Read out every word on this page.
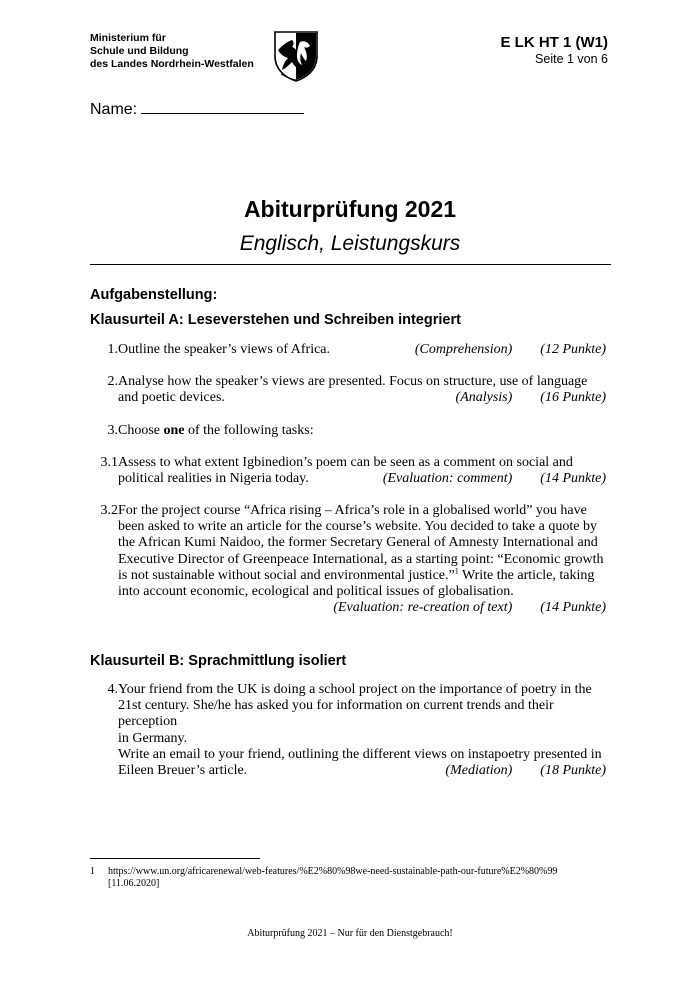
Ministerium für
Schule und Bildung
des Landes Nordrhein-Westfalen
E LK HT 1 (W1)
Seite 1 von 6
Name:
Abiturprüfung 2021
Englisch, Leistungskurs
Aufgabenstellung:
Klausurteil A: Leseverstehen und Schreiben integriert
1. Outline the speaker’s views of Africa.	(Comprehension) (12 Punkte)
2. Analyse how the speaker’s views are presented. Focus on structure, use of language
and poetic devices.	(Analysis) (16 Punkte)
3. Choose one of the following tasks:
3.1 Assess to what extent Igbinedion’s poem can be seen as a comment on social and
political realities in Nigeria today.	(Evaluation: comment) (14 Punkte)
3.2 For the project course “Africa rising – Africa’s role in a globalised world” you have
been asked to write an article for the course’s website. You decided to take a quote by
the African Kumi Naidoo, the former Secretary General of Amnesty International and
Executive Director of Greenpeace International, as a starting point: “Economic growth
is not sustainable without social and environmental justice.”$^1$ Write the article, taking
into account economic, ecological and political issues of globalisation.
(Evaluation: re-creation of text) (14 Punkte)
Klausurteil B: Sprachmittlung isoliert
4. Your friend from the UK is doing a school project on the importance of poetry in the
21st century. She/he has asked you for information on current trends and their perception
in Germany.
Write an email to your friend, outlining the different views on instapoetry presented in
Eileen Breuer’s article.	(Mediation) (18 Punkte)
1 https://www.un.org/africarenewal/web-features/%E2%80%98we-need-sustainable-path-our-future%E2%80%99
[11.06.2020]
Abiturprüfung 2021 – Nur für den Dienstgebrauch!
